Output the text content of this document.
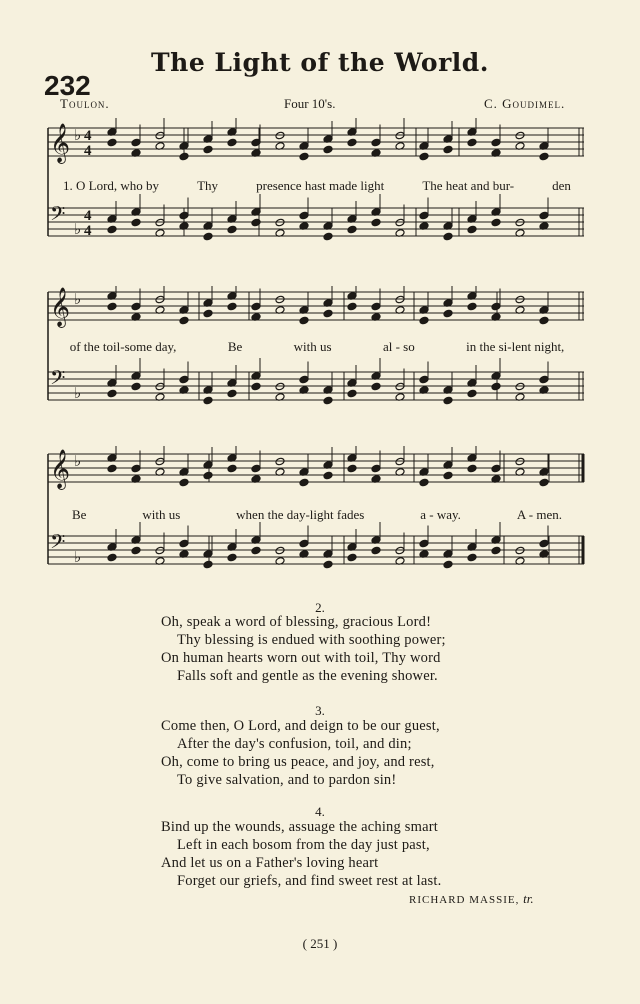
The Light of the World.
232
Toulon.	Four 10's.	C. Goudimel.
𝄞 ♭ 4
4
𝄢 ♭
4
4
1. O Lord, who by	Thy	presence hast made light	The heat and bur-	den
𝄞 ♭
𝄢 ♭
of the toil-some day,	Be	with us	al - so	in the si-lent night,
𝄞 ♭
𝄢 ♭
Be	with us	when the day-light fades	a - way.	A - men.
2.
Oh, speak a word of blessing, gracious Lord!
Thy blessing is endued with soothing power;
On human hearts worn out with toil, Thy word
Falls soft and gentle as the evening shower.
3.
Come then, O Lord, and deign to be our guest,
After the day's confusion, toil, and din;
Oh, come to bring us peace, and joy, and rest,
To give salvation, and to pardon sin!
4.
Bind up the wounds, assuage the aching smart
Left in each bosom from the day just past,
And let us on a Father's loving heart
Forget our griefs, and find sweet rest at last.
RICHARD MASSIE, tr.
( 251 )
